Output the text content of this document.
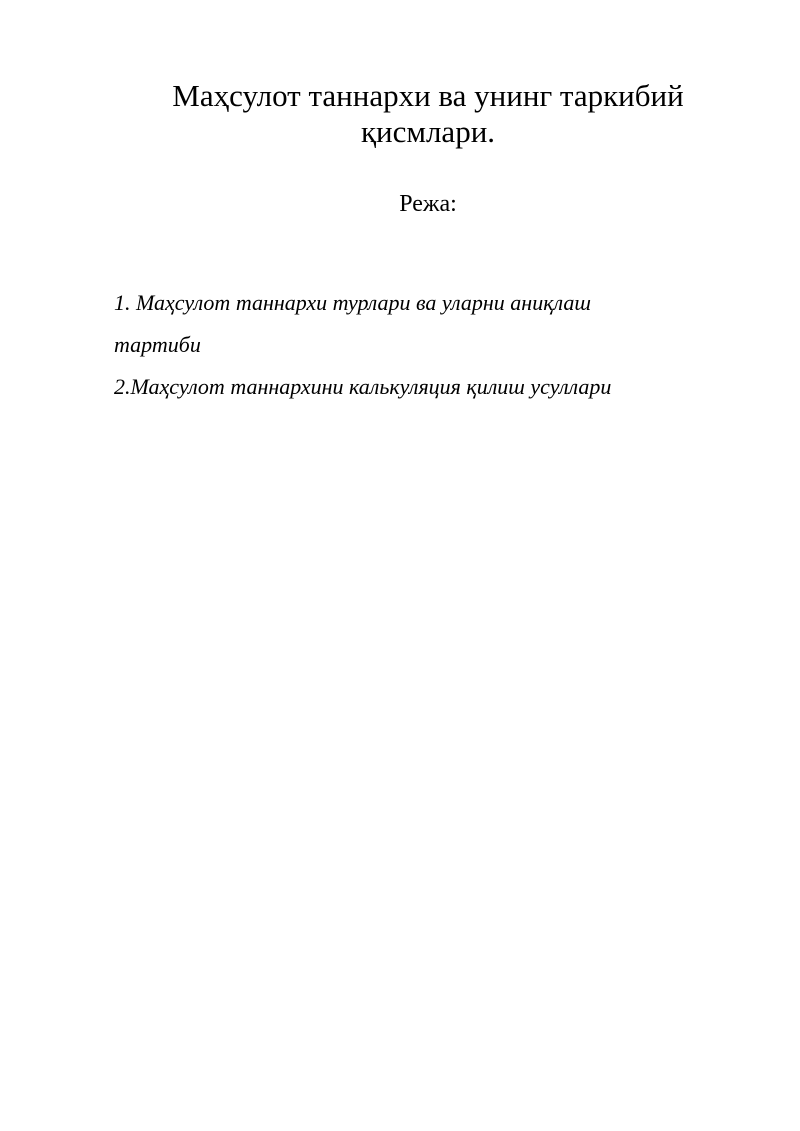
Маҳсулот таннархи ва унинг таркибий
қисмлари.

Режа:

1. Маҳсулот таннархи турлари ва уларни аниқлаш
тартиби
2.Маҳсулот таннархини калькуляция қилиш усуллари
